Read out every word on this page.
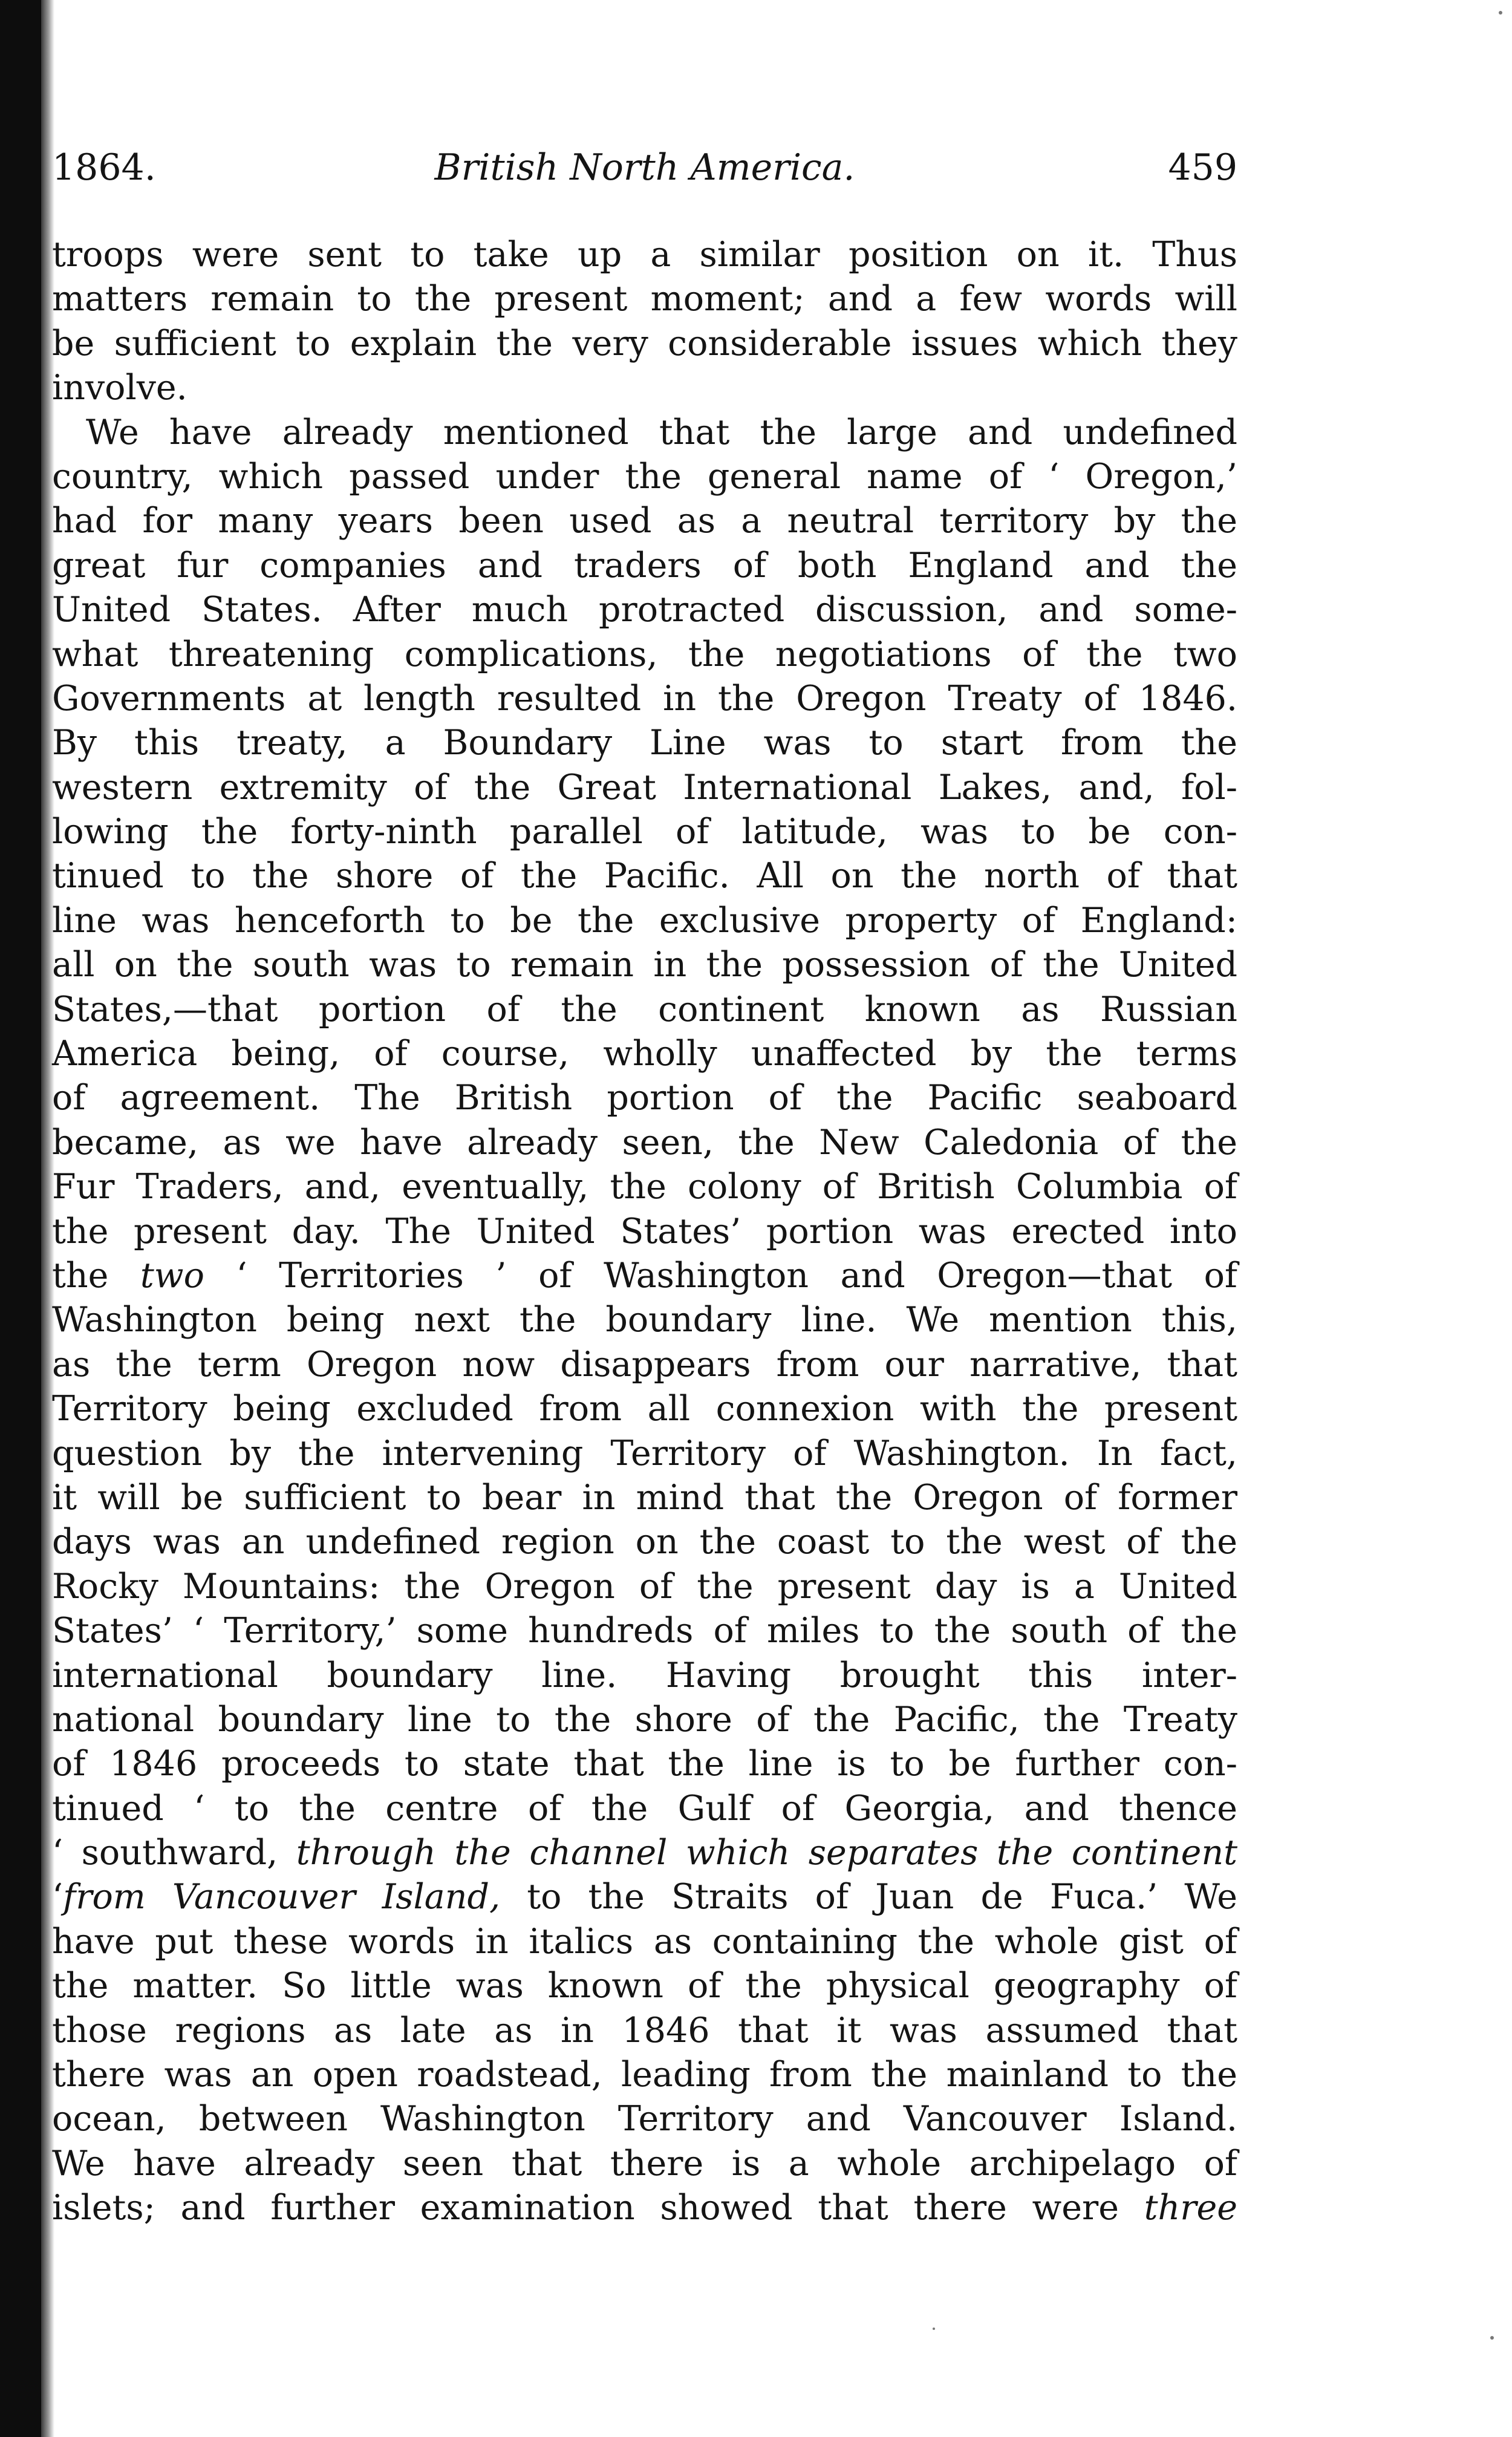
1864.	British North America.	459
troops were sent to take up a similar position on it. Thus
matters remain to the present moment; and a few words will
be sufficient to explain the very considerable issues which they
involve.
We have already mentioned that the large and undefined
country, which passed under the general name of ‘ Oregon,’
had for many years been used as a neutral territory by the
great fur companies and traders of both England and the
United States. After much protracted discussion, and some-
what threatening complications, the negotiations of the two
Governments at length resulted in the Oregon Treaty of 1846.
By this treaty, a Boundary Line was to start from the
western extremity of the Great International Lakes, and, fol-
lowing the forty-ninth parallel of latitude, was to be con-
tinued to the shore of the Pacific. All on the north of that
line was henceforth to be the exclusive property of England:
all on the south was to remain in the possession of the United
States,—that portion of the continent known as Russian
America being, of course, wholly unaffected by the terms
of agreement. The British portion of the Pacific seaboard
became, as we have already seen, the New Caledonia of the
Fur Traders, and, eventually, the colony of British Columbia of
the present day. The United States’ portion was erected into
the two ‘ Territories ’ of Washington and Oregon—that of
Washington being next the boundary line. We mention this,
as the term Oregon now disappears from our narrative, that
Territory being excluded from all connexion with the present
question by the intervening Territory of Washington. In fact,
it will be sufficient to bear in mind that the Oregon of former
days was an undefined region on the coast to the west of the
Rocky Mountains: the Oregon of the present day is a United
States’ ‘ Territory,’ some hundreds of miles to the south of the
international boundary line. Having brought this inter-
national boundary line to the shore of the Pacific, the Treaty
of 1846 proceeds to state that the line is to be further con-
tinued ‘ to the centre of the Gulf of Georgia, and thence
‘ southward, through the channel which separates the continent
‘from Vancouver Island, to the Straits of Juan de Fuca.’ We
have put these words in italics as containing the whole gist of
the matter. So little was known of the physical geography of
those regions as late as in 1846 that it was assumed that
there was an open roadstead, leading from the mainland to the
ocean, between Washington Territory and Vancouver Island.
We have already seen that there is a whole archipelago of
islets; and further examination showed that there were three
